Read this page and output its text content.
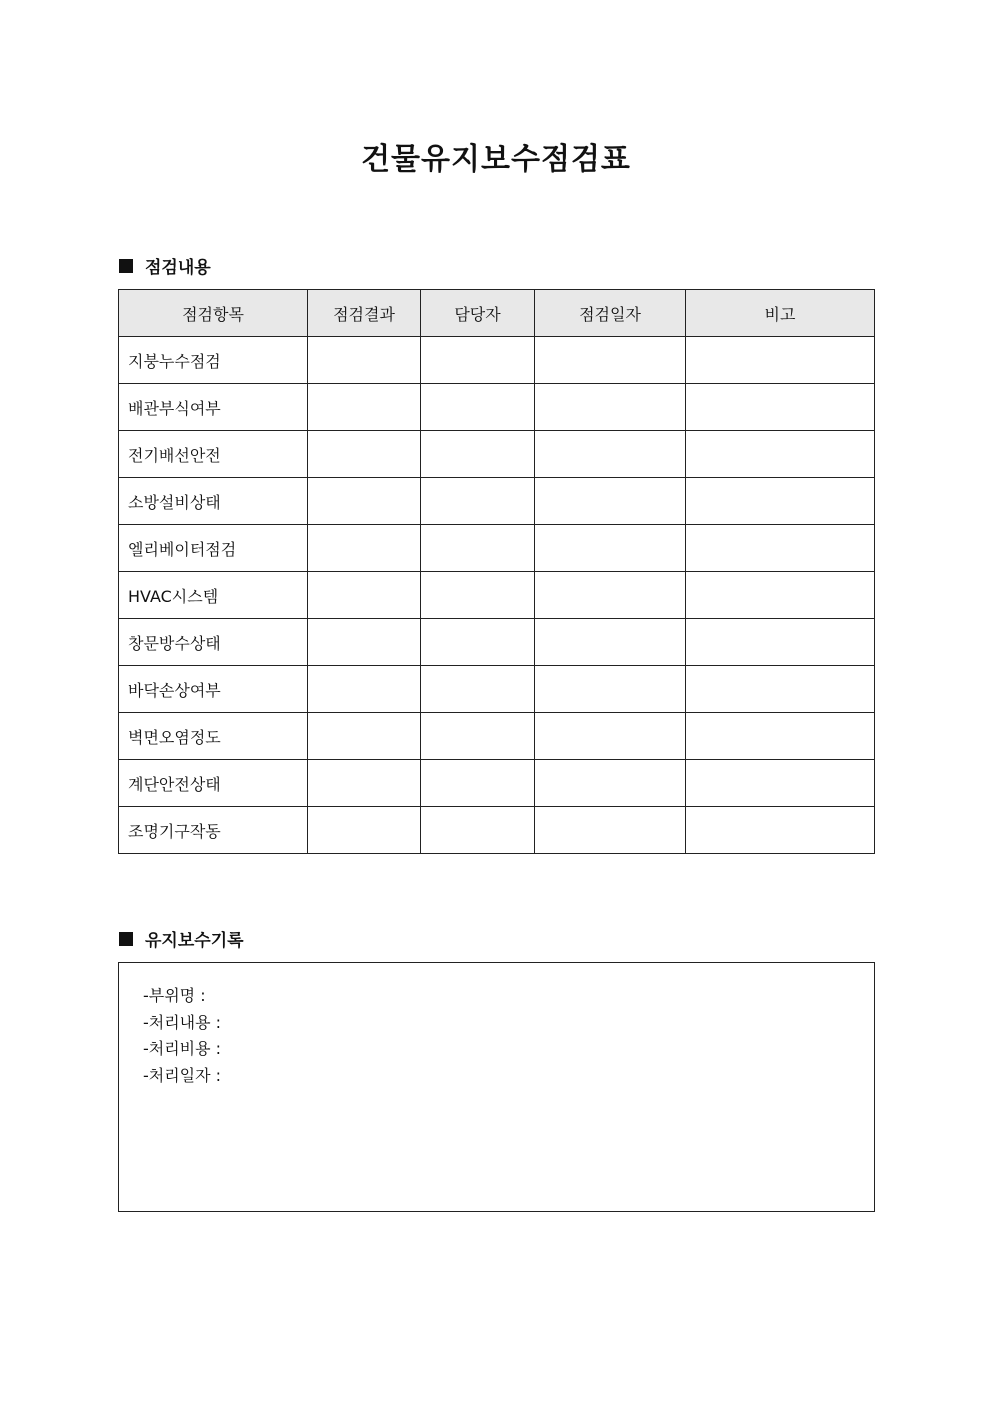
건물유지보수점검표
점검내용
점검항목	점검결과	담당자	점검일자	비고
지붕누수점검				
배관부식여부				
전기배선안전				
소방설비상태				
엘리베이터점검				
HVAC시스템				
창문방수상태				
바닥손상여부				
벽면오염정도				
계단안전상태				
조명기구작동				
유지보수기록
-부위명 :
-처리내용 :
-처리비용 :
-처리일자 :
